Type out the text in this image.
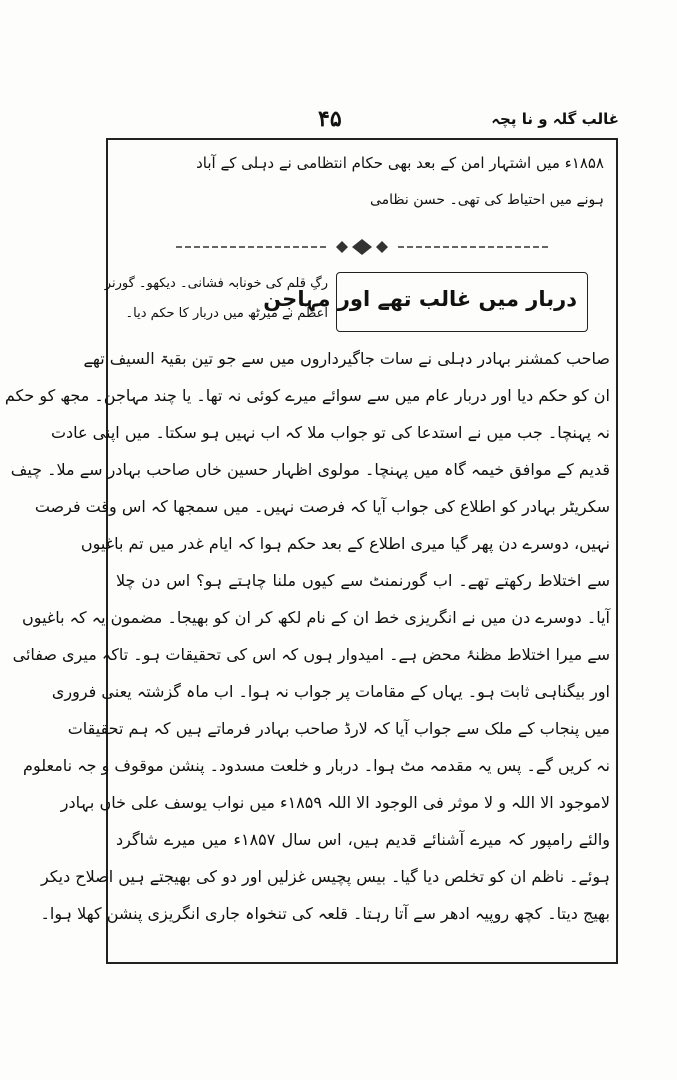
۴۵	غالب گلہ و نا پچہ
۱۸۵۸ء میں اشتہار امن کے بعد بھی حکام انتظامی نے دہلی کے آباد
ہونے میں احتیاط کی تھی۔ حسن نظامی
دربار میں غالب تھے اور مہاجن
رگِ قلم کی خونابہ فشانی۔ دیکھو۔ گورنر
اعظم نے میرٹھ میں دربار کا حکم دیا۔
صاحب کمشنر بہادر دہلی نے سات جاگیرداروں میں سے جو تین بقیۃ السیف تھے
ان کو حکم دیا اور دربار عام میں سے سوائے میرے کوئی نہ تھا۔ یا چند مہاجن۔ مجھ کو حکم
نہ پہنچا۔ جب میں نے استدعا کی تو جواب ملا کہ اب نہیں ہو سکتا۔ میں اپنی عادت
قدیم کے موافق خیمہ گاہ میں پہنچا۔ مولوی اظہار حسین خاں صاحب بہادر سے ملا۔ چیف
سکریٹر بہادر کو اطلاع کی جواب آیا کہ فرصت نہیں۔ میں سمجھا کہ اس وقت فرصت
نہیں، دوسرے دن پھر گیا میری اطلاع کے بعد حکم ہوا کہ ایام غدر میں تم باغیوں
سے اختلاط رکھتے تھے۔ اب گورنمنٹ سے کیوں ملنا چاہتے ہو؟ اس دن چلا
آیا۔ دوسرے دن میں نے انگریزی خط ان کے نام لکھ کر ان کو بھیجا۔ مضمون یہ کہ باغیوں
سے میرا اختلاط مظنۂ محض ہے۔ امیدوار ہوں کہ اس کی تحقیقات ہو۔ تاکہ میری صفائی
اور بیگناہی ثابت ہو۔ یہاں کے مقامات پر جواب نہ ہوا۔ اب ماہ گزشتہ یعنی فروری
میں پنجاب کے ملک سے جواب آیا کہ لارڈ صاحب بہادر فرماتے ہیں کہ ہم تحقیقات
نہ کریں گے۔ پس یہ مقدمہ مٹ ہوا۔ دربار و خلعت مسدود۔ پنشن موقوف و جہ نامعلوم
لاموجود الا اللہ و لا موثر فی الوجود الا اللہ ۱۸۵۹ء میں نواب یوسف علی خاں بہادر
والئے رامپور کہ میرے آشنائے قدیم ہیں، اس سال ۱۸۵۷ء میں میرے شاگرد
ہوئے۔ ناظم ان کو تخلص دیا گیا۔ بیس پچیس غزلیں اور دو کی بھیجتے ہیں اصلاح دیکر
بھیج دیتا۔ کچھ روپیہ ادھر سے آتا رہتا۔ قلعہ کی تنخواہ جاری انگریزی پنشن کھلا ہوا۔
